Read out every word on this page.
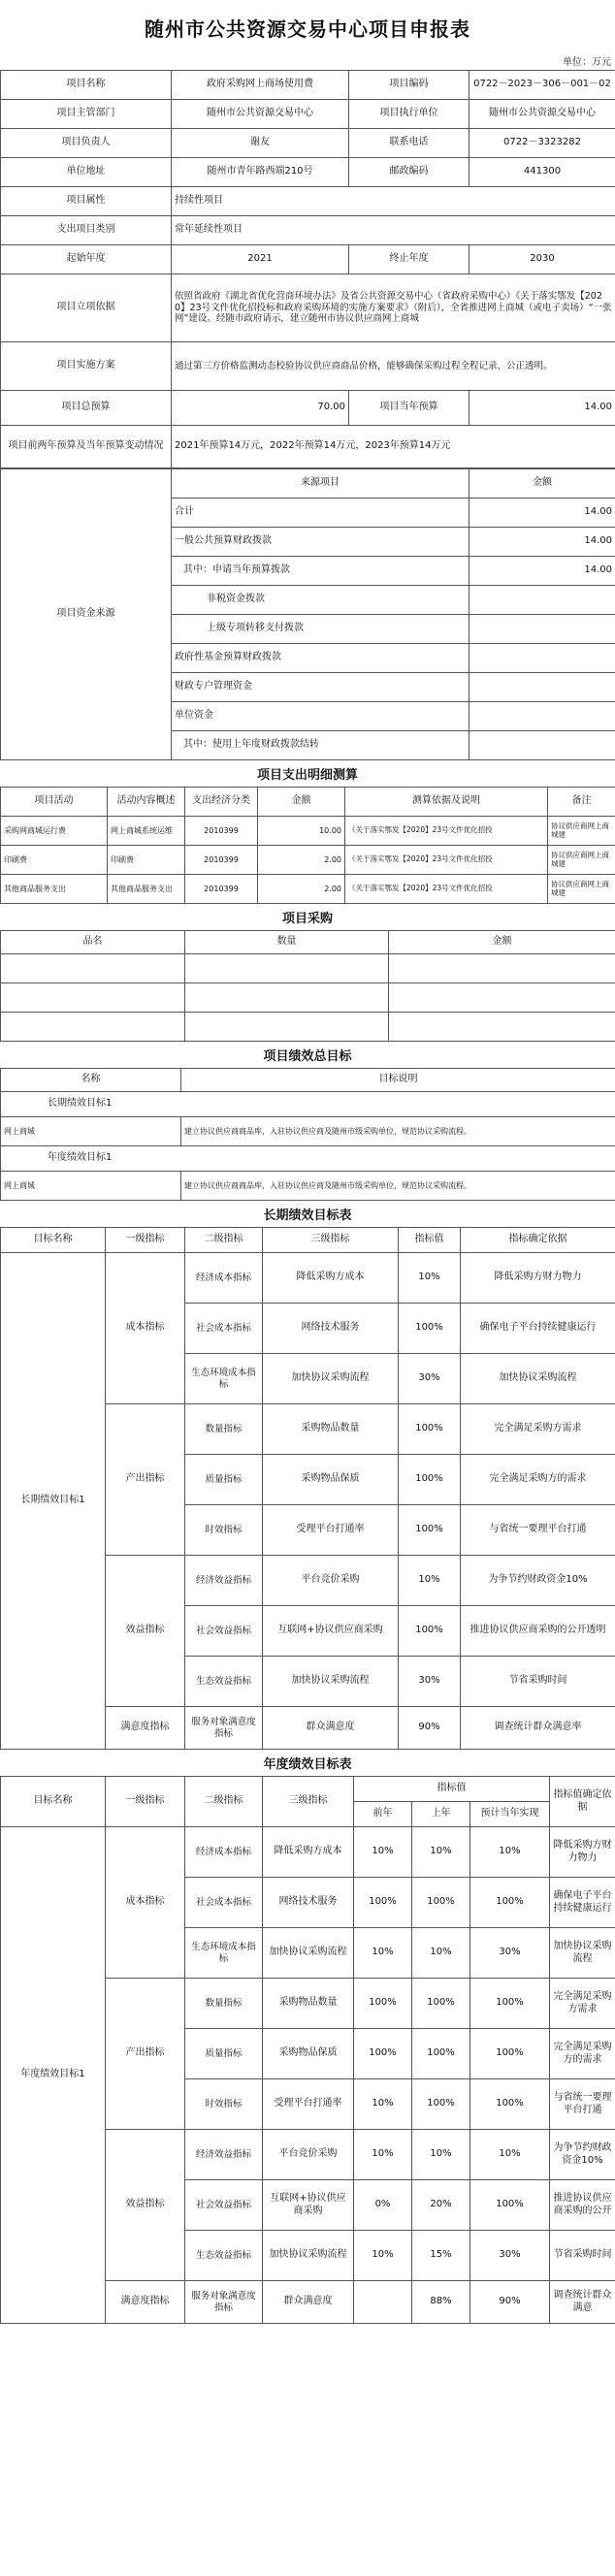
随州市公共资源交易中心项目申报表
单位：万元
项目名称	政府采购网上商场使用费	项目编码	0722－2023－306－001－02
项目主管部门	随州市公共资源交易中心	项目执行单位	随州市公共资源交易中心
项目负责人	谢友	联系电话	0722－3323282
单位地址	随州市青年路西端210号	邮政编码	441300
项目属性	持续性项目		
支出项目类别	常年延续性项目		
起始年度	2021	终止年度	2030
项目立项依据	依照省政府《湖北省优化营商环境办法》及省公共资源交易中心（省政府采购中心）《关于落实鄂发【2020】23号文件优化招投标和政府采购环境的实施方案要求》（附后），全省推进网上商城（或电子卖场）“一张网”建设。经随市政府请示，建立随州市协议供应商网上商城		
项目实施方案	通过第三方价格监测动态校验协议供应商商品价格，能够确保采购过程全程记录、公正透明。		
项目总预算	70.00	项目当年预算	14.00
项目前两年预算及当年预算变动情况	2021年预算14万元，2022年预算14万元，2023年预算14万元		
项目资金来源	来源项目	金额
	合计	14.00
	一般公共预算财政拨款	14.00
	其中：申请当年预算拨款	14.00
	非税资金拨款	
	上级专项转移支付拨款	
	政府性基金预算财政拨款	
	财政专户管理资金	
	单位资金	
	其中：使用上年度财政拨款结转	
项目支出明细测算
项目活动	活动内容概述	支出经济分类	金额	测算依据及说明	备注
采购网商城运行费	网上商城系统运维	2010399	10.00	《关于落实鄂发【2020】23号文件优化招投	协议供应商网上商城建
印刷费	印刷费	2010399	2.00	《关于落实鄂发【2020】23号文件优化招投	协议供应商网上商城建
其他商品服务支出	其他商品服务支出	2010399	2.00	《关于落实鄂发【2020】23号文件优化招投	协议供应商网上商城建
项目采购
品名	数量	金额

项目绩效总目标
名称	目标说明
长期绩效目标1	
网上商城	建立协议供应商商品库，入驻协议供应商及随州市级采购单位，规范协议采购流程。
年度绩效目标1	
网上商城	建立协议供应商商品库，入驻协议供应商及随州市级采购单位，规范协议采购流程。
长期绩效目标表
目标名称	一级指标	二级指标	三级指标	指标值	指标确定依据
长期绩效目标1	成本指标	经济成本指标	降低采购方成本	10%	降低采购方财力物力
		社会成本指标	网络技术服务	100%	确保电子平台持续健康运行
		生态环境成本指标	加快协议采购流程	30%	加快协议采购流程
	产出指标	数量指标	采购物品数量	100%	完全满足采购方需求
		质量指标	采购物品保质	100%	完全满足采购方的需求
		时效指标	受理平台打通率	100%	与省统一要理平台打通
	效益指标	经济效益指标	平台竞价采购	10%	为争节约财政资金10%
		社会效益指标	互联网+协议供应商采购	100%	推进协议供应商采购的公开透明
		生态效益指标	加快协议采购流程	30%	节省采购时间
	满意度指标	服务对象满意度指标	群众满意度	90%	调查统计群众满意率
年度绩效目标表
目标名称	一级指标	二级指标	三级指标	指标值			指标值确定依据
				前年	上年	预计当年实现	
年度绩效目标1	成本指标	经济成本指标	降低采购方成本	10%	10%	10%	降低采购方财力物力
		社会成本指标	网络技术服务	100%	100%	100%	确保电子平台持续健康运行
		生态环境成本指标	加快协议采购流程	10%	10%	30%	加快协议采购流程
	产出指标	数量指标	采购物品数量	100%	100%	100%	完全满足采购方需求
		质量指标	采购物品保质	100%	100%	100%	完全满足采购方的需求
		时效指标	受理平台打通率	10%	100%	100%	与省统一要理平台打通
	效益指标	经济效益指标	平台竞价采购	10%	10%	10%	为争节约财政资金10%
		社会效益指标	互联网+协议供应商采购	0%	20%	100%	推进协议供应商采购的公开
		生态效益指标	加快协议采购流程	10%	15%	30%	节省采购时间
	满意度指标	服务对象满意度指标	群众满意度		88%	90%	调查统计群众满意
